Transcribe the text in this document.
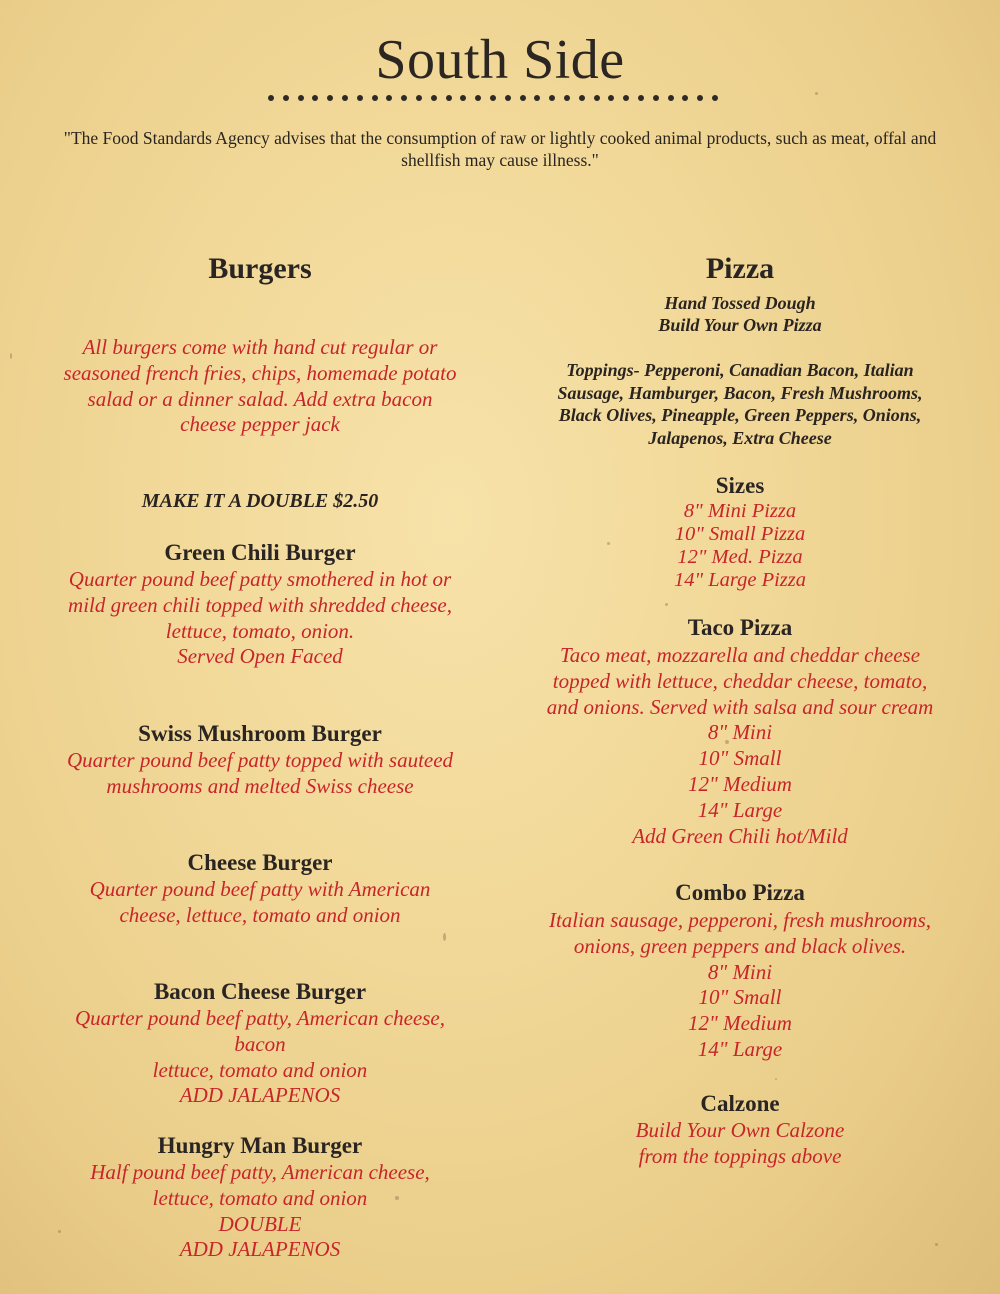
South Side
"The Food Standards Agency advises that the consumption of raw or lightly cooked animal products, such as meat, offal and shellfish may cause illness."
Burgers
All burgers come with hand cut regular or
seasoned french fries, chips, homemade potato
salad or a dinner salad. Add extra bacon
cheese pepper jack
MAKE IT A DOUBLE $2.50
Green Chili Burger
Quarter pound beef patty smothered in hot or
mild green chili topped with shredded cheese,
lettuce, tomato, onion.
Served Open Faced
Swiss Mushroom Burger
Quarter pound beef patty topped with sauteed
mushrooms and melted Swiss cheese
Cheese Burger
Quarter pound beef patty with American
cheese, lettuce, tomato and onion
Bacon Cheese Burger
Quarter pound beef patty, American cheese,
bacon
lettuce, tomato and onion
ADD JALAPENOS
Hungry Man Burger
Half pound beef patty, American cheese,
lettuce, tomato and onion
DOUBLE
ADD JALAPENOS
Pizza
Hand Tossed Dough
Build Your Own Pizza
Toppings- Pepperoni, Canadian Bacon, Italian
Sausage, Hamburger, Bacon, Fresh Mushrooms,
Black Olives, Pineapple, Green Peppers, Onions,
Jalapenos, Extra Cheese
Sizes
8" Mini Pizza
10" Small Pizza
12" Med. Pizza
14" Large Pizza
Taco Pizza
Taco meat, mozzarella and cheddar cheese
topped with lettuce, cheddar cheese, tomato,
and onions. Served with salsa and sour cream
8" Mini
10" Small
12" Medium
14" Large
Add Green Chili hot/Mild
Combo Pizza
Italian sausage, pepperoni, fresh mushrooms,
onions, green peppers and black olives.
8" Mini
10" Small
12" Medium
14" Large
Calzone
Build Your Own Calzone
from the toppings above
